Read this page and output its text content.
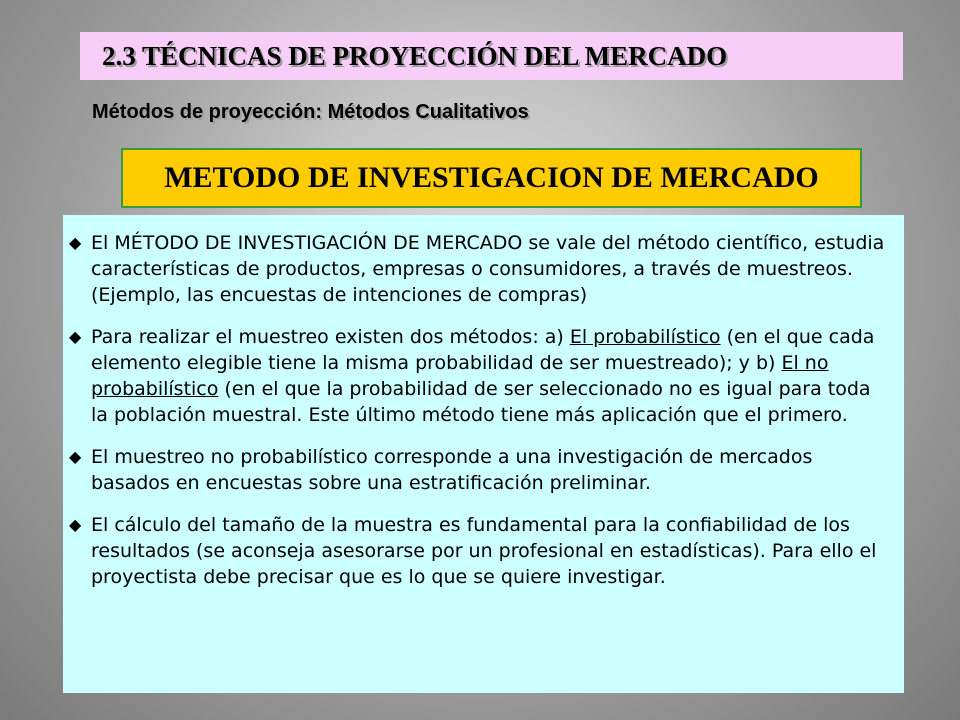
2.3 TÉCNICAS DE PROYECCIÓN DEL MERCADO
Métodos de proyección: Métodos Cualitativos
METODO DE INVESTIGACION DE MERCADO
◆ El MÉTODO DE INVESTIGACIÓN DE MERCADO se vale del método científico, estudia características de productos, empresas o consumidores, a través de muestreos. (Ejemplo, las encuestas de intenciones de compras)
◆ Para realizar el muestreo existen dos métodos: a) El probabilístico (en el que cada elemento elegible tiene la misma probabilidad de ser muestreado); y b) El no probabilístico (en el que la probabilidad de ser seleccionado no es igual para toda la población muestral. Este último método tiene más aplicación que el primero.
◆ El muestreo no probabilístico corresponde a una investigación de mercados basados en encuestas sobre una estratificación preliminar.
◆ El cálculo del tamaño de la muestra es fundamental para la confiabilidad de los resultados (se aconseja asesorarse por un profesional en estadísticas). Para ello el proyectista debe precisar que es lo que se quiere investigar.
